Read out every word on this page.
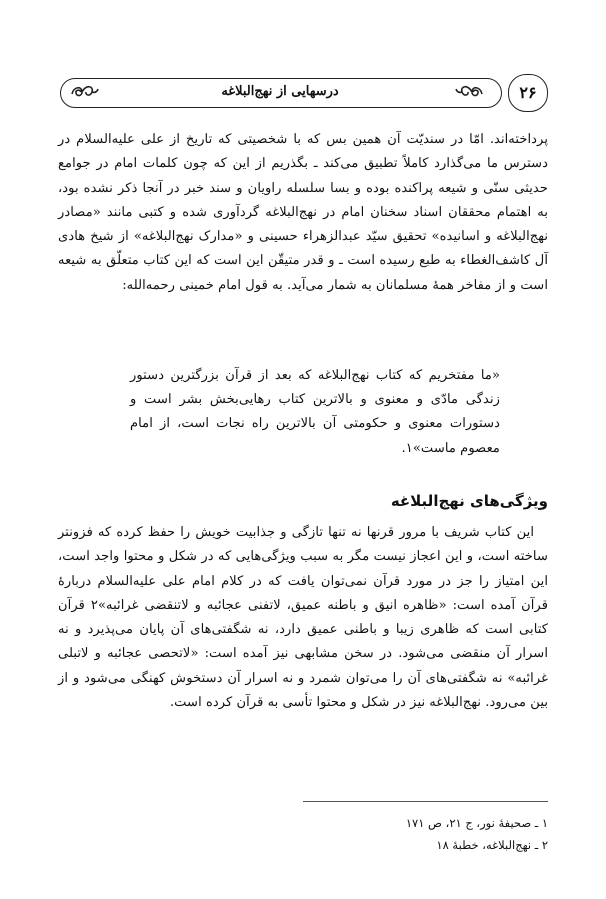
درسهایی از نهج‌البلاغه	۲۶
پرداخته‌اند. امّا در سندیّت آن همین بس که با شخصیتی که تاریخ از علی علیه‌السلام در دسترس ما می‌گذارد کاملاً تطبیق می‌کند ـ بگذریم از این که چون کلمات امام در جوامع حدیثی سنّی و شیعه پراکنده بوده و بسا سلسله راویان و سند خبر در آنجا ذکر نشده بود، به اهتمام محققان اسناد سخنان امام در نهج‌البلاغه گردآوری شده و کتبی مانند «مصادر نهج‌البلاغه و اسانیده» تحقیق سیّد عبدالزهراء حسینی و «مدارک نهج‌البلاغه» از شیخ هادی آل کاشف‌الغطاء به طبع رسیده است ـ و قدر متیقّن این است که این کتاب متعلّق به شیعه است و از مفاخر همهٔ مسلمانان به شمار می‌آید. به قول امام خمینی رحمه‌الله:
«ما مفتخریم که کتاب نهج‌البلاغه که بعد از قرآن بزرگترین دستور زندگی مادّی و معنوی و بالاترین کتاب رهایی‌بخش بشر است و دستورات معنوی و حکومتی آن بالاترین راه نجات است، از امام معصوم ماست»۱.
ویژگی‌های نهج‌البلاغه
این کتاب شریف با مرور قرنها نه تنها تازگی و جذابیت خویش را حفظ کرده که فزونتر ساخته است، و این اعجاز نیست مگر به سبب ویژگی‌هایی که در شکل و محتوا واجد است، این امتیاز را جز در مورد قرآن نمی‌توان یافت که در کلام امام علی علیه‌السلام دربارهٔ قرآن آمده است: «ظاهره انیق و باطنه عمیق، لاتفنی عجائبه و لاتنقضی غرائبه»۲ قرآن کتابی است که ظاهری زیبا و باطنی عمیق دارد، نه شگفتی‌های آن پایان می‌پذیرد و نه اسرار آن منقضی می‌شود. در سخن مشابهی نیز آمده است: «لاتحصی عجائبه و لاتبلی غرائبه» نه شگفتی‌های آن را می‌توان شمرد و نه اسرار آن دستخوش کهنگی می‌شود و از بین می‌رود. نهج‌البلاغه نیز در شکل و محتوا تأسی به قرآن کرده است.
۱ ـ صحیفهٔ نور، ج ۲۱، ص ۱۷۱
۲ ـ نهج‌البلاغه، خطبهٔ ۱۸
